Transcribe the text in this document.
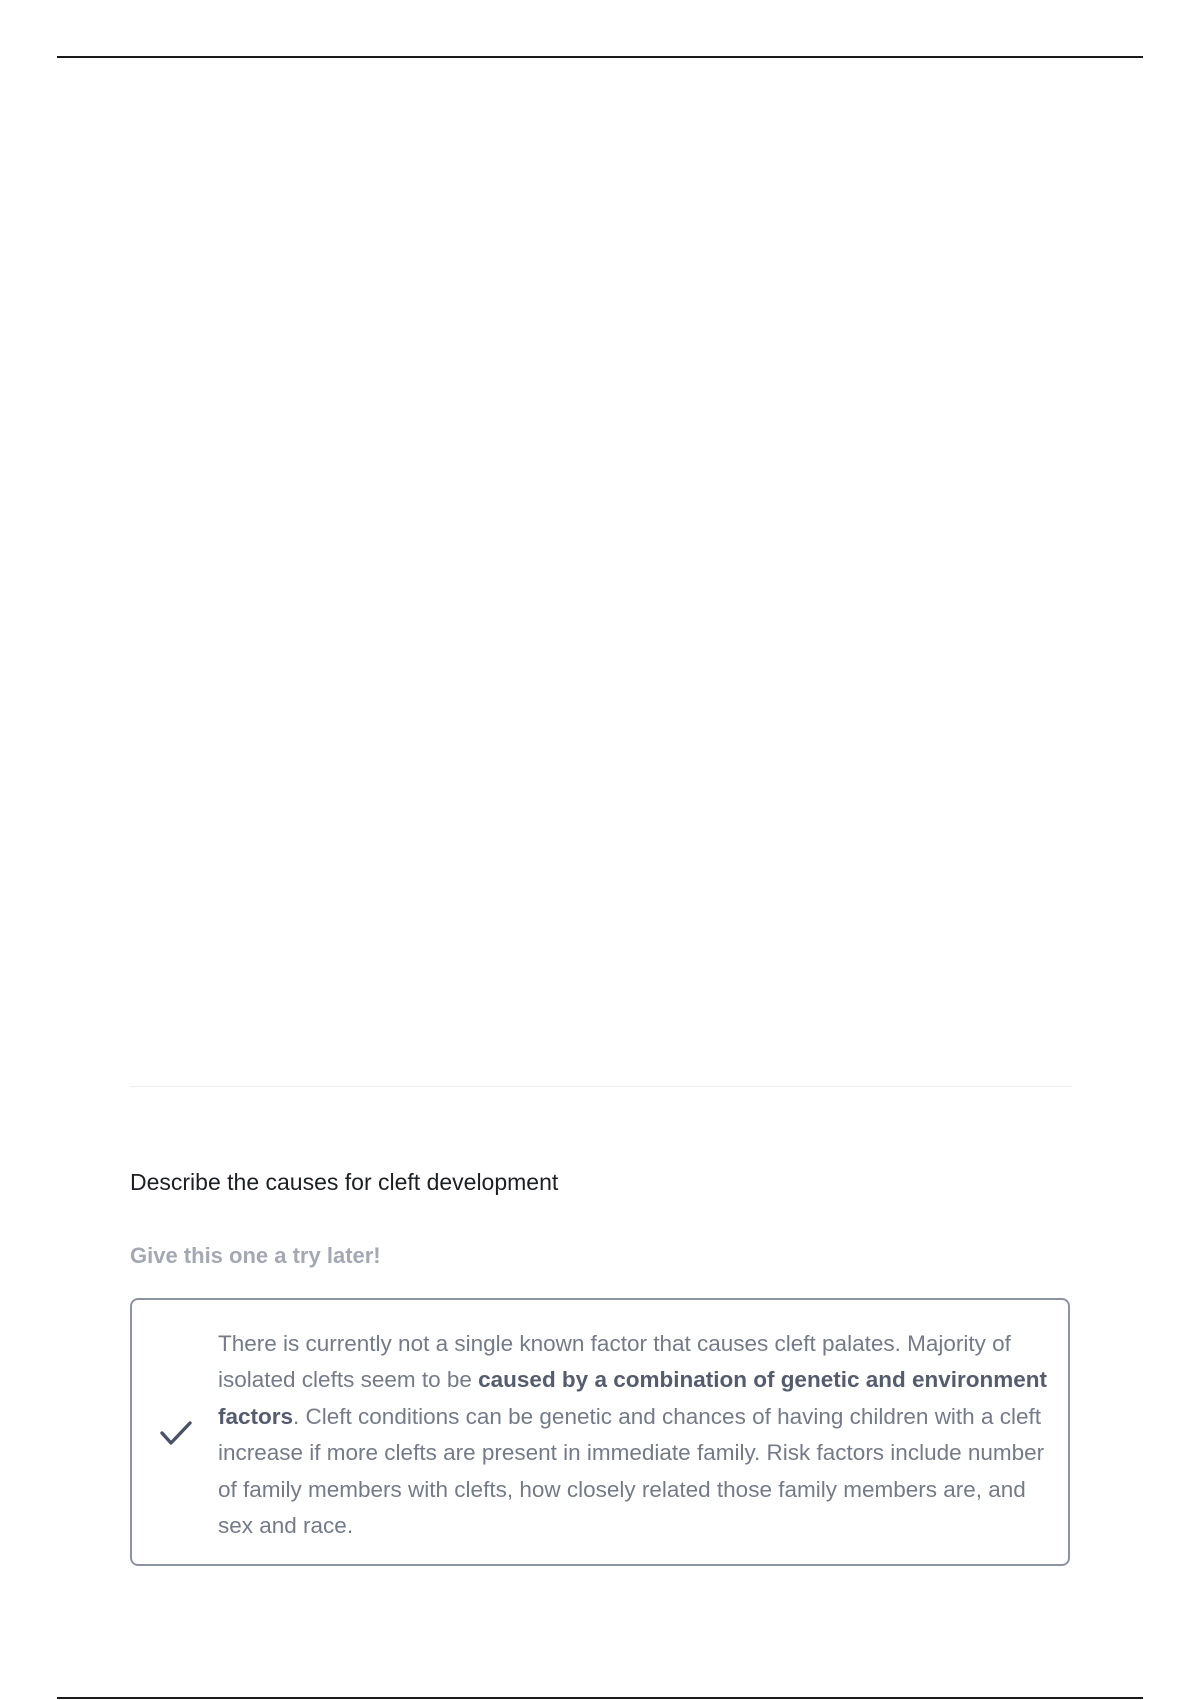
Describe the causes for cleft development
Give this one a try later!
There is currently not a single known factor that causes cleft palates. Majority of isolated clefts seem to be caused by a combination of genetic and environment factors. Cleft conditions can be genetic and chances of having children with a cleft increase if more clefts are present in immediate family. Risk factors include number of family members with clefts, how closely related those family members are, and sex and race.
